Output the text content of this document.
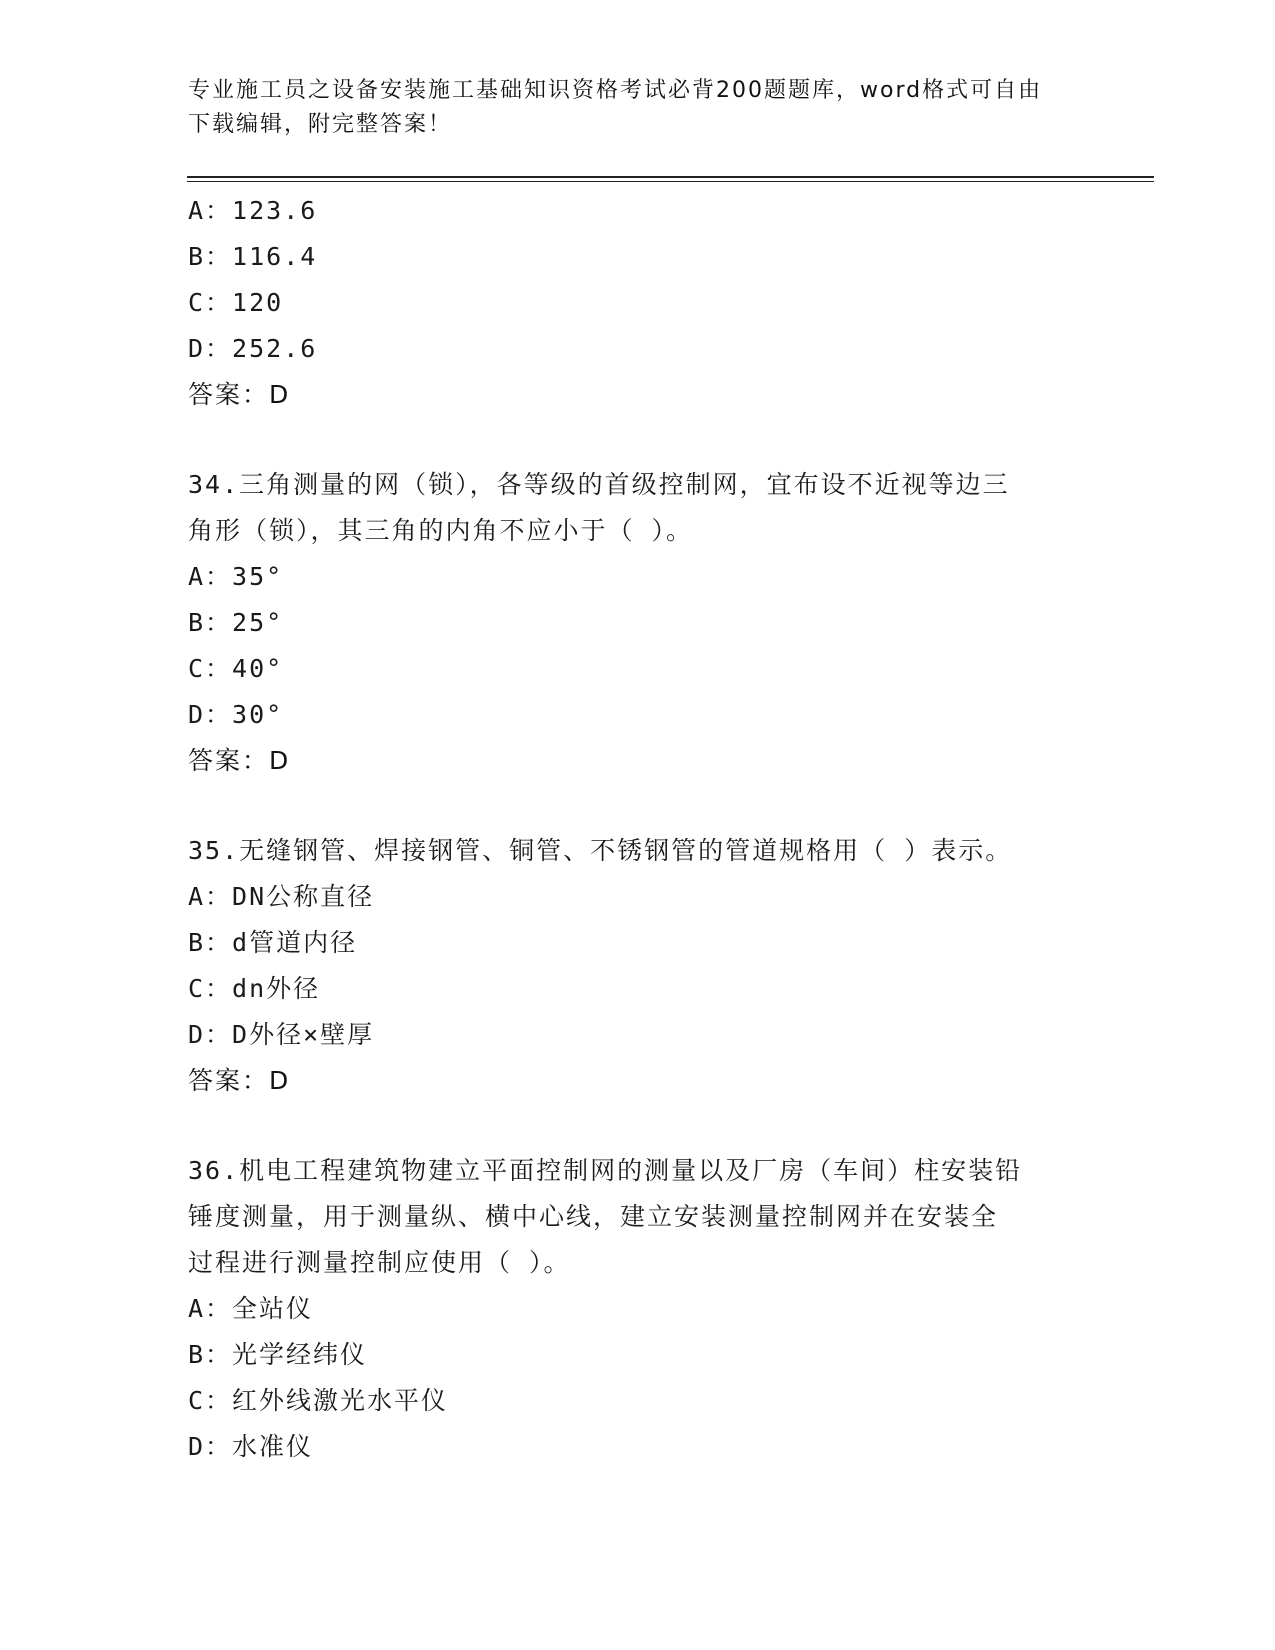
专业施工员之设备安装施工基础知识资格考试必背200题题库，word格式可自由
下载编辑，附完整答案！
A：123.6
B：116.4
C：120
D：252.6
答案：D
34.三角测量的网（锁），各等级的首级控制网，宜布设不近视等边三
角形（锁），其三角的内角不应小于（ ）。
A：35°
B：25°
C：40°
D：30°
答案：D
35.无缝钢管、焊接钢管、铜管、不锈钢管的管道规格用（ ）表示。
A：DN公称直径
B：d管道内径
C：dn外径
D：D外径×壁厚
答案：D
36.机电工程建筑物建立平面控制网的测量以及厂房（车间）柱安装铅
锤度测量，用于测量纵、横中心线，建立安装测量控制网并在安装全
过程进行测量控制应使用（ ）。
A：全站仪
B：光学经纬仪
C：红外线激光水平仪
D：水准仪
